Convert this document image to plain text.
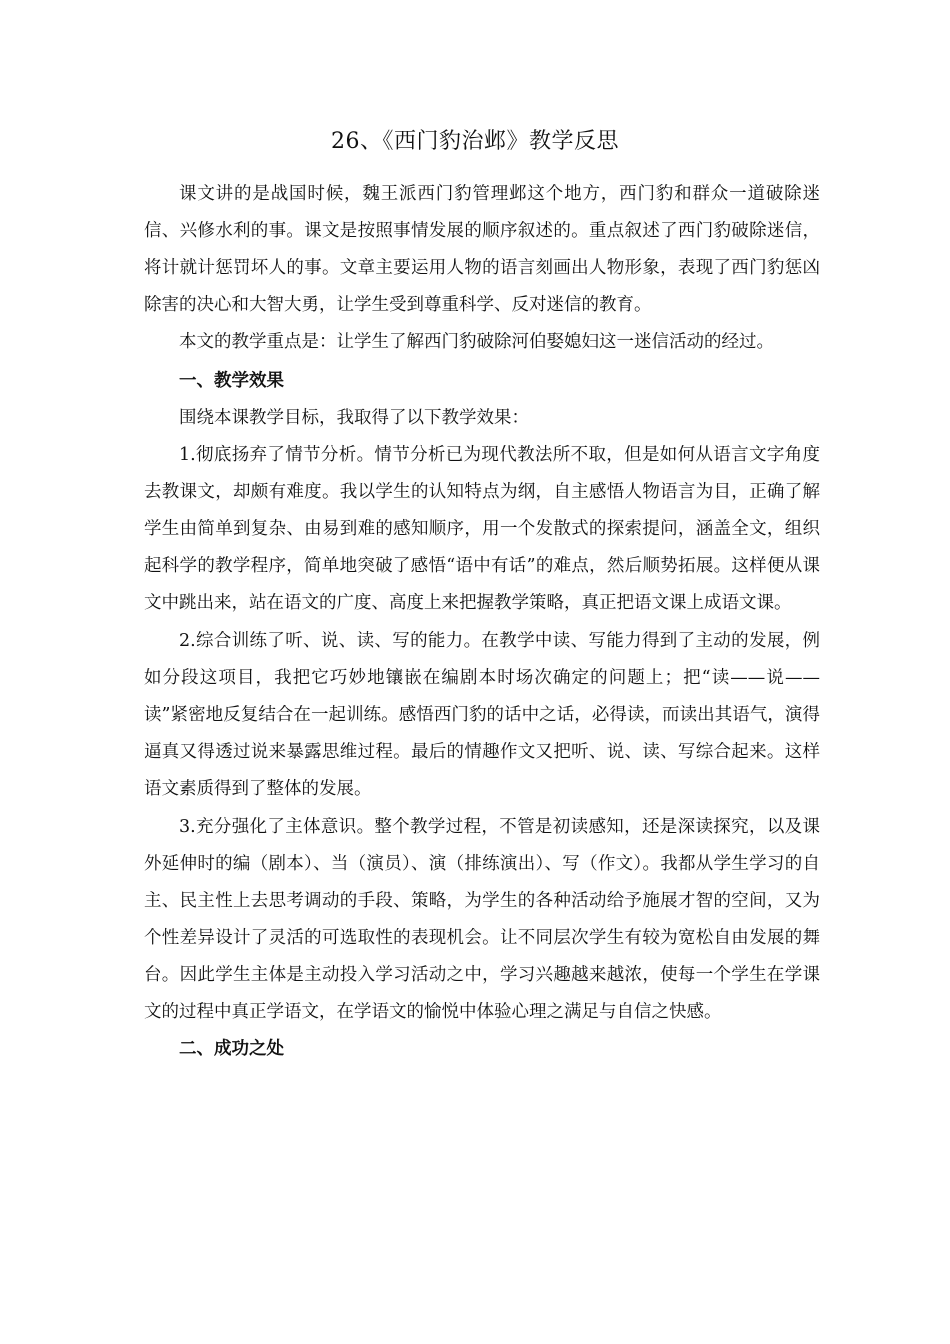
26、《西门豹治邺》教学反思

课文讲的是战国时候，魏王派西门豹管理邺这个地方，西门豹和群众一道破除迷信、兴修水利的事。课文是按照事情发展的顺序叙述的。重点叙述了西门豹破除迷信，将计就计惩罚坏人的事。文章主要运用人物的语言刻画出人物形象，表现了西门豹惩凶除害的决心和大智大勇，让学生受到尊重科学、反对迷信的教育。

本文的教学重点是：让学生了解西门豹破除河伯娶媳妇这一迷信活动的经过。

一、教学效果

围绕本课教学目标，我取得了以下教学效果：

1.彻底扬弃了情节分析。情节分析已为现代教法所不取，但是如何从语言文字角度去教课文，却颇有难度。我以学生的认知特点为纲，自主感悟人物语言为目，正确了解学生由简单到复杂、由易到难的感知顺序，用一个发散式的探索提问，涵盖全文，组织起科学的教学程序，简单地突破了感悟“语中有话”的难点，然后顺势拓展。这样便从课文中跳出来，站在语文的广度、高度上来把握教学策略，真正把语文课上成语文课。

2.综合训练了听、说、读、写的能力。在教学中读、写能力得到了主动的发展，例如分段这项目，我把它巧妙地镶嵌在编剧本时场次确定的问题上；把“读——说——读”紧密地反复结合在一起训练。感悟西门豹的话中之话，必得读，而读出其语气，演得逼真又得透过说来暴露思维过程。最后的情趣作文又把听、说、读、写综合起来。这样语文素质得到了整体的发展。

3.充分强化了主体意识。整个教学过程，不管是初读感知，还是深读探究，以及课外延伸时的编（剧本）、当（演员）、演（排练演出）、写（作文）。我都从学生学习的自主、民主性上去思考调动的手段、策略，为学生的各种活动给予施展才智的空间，又为个性差异设计了灵活的可选取性的表现机会。让不同层次学生有较为宽松自由发展的舞台。因此学生主体是主动投入学习活动之中，学习兴趣越来越浓，使每一个学生在学课文的过程中真正学语文，在学语文的愉悦中体验心理之满足与自信之快感。

二、成功之处
